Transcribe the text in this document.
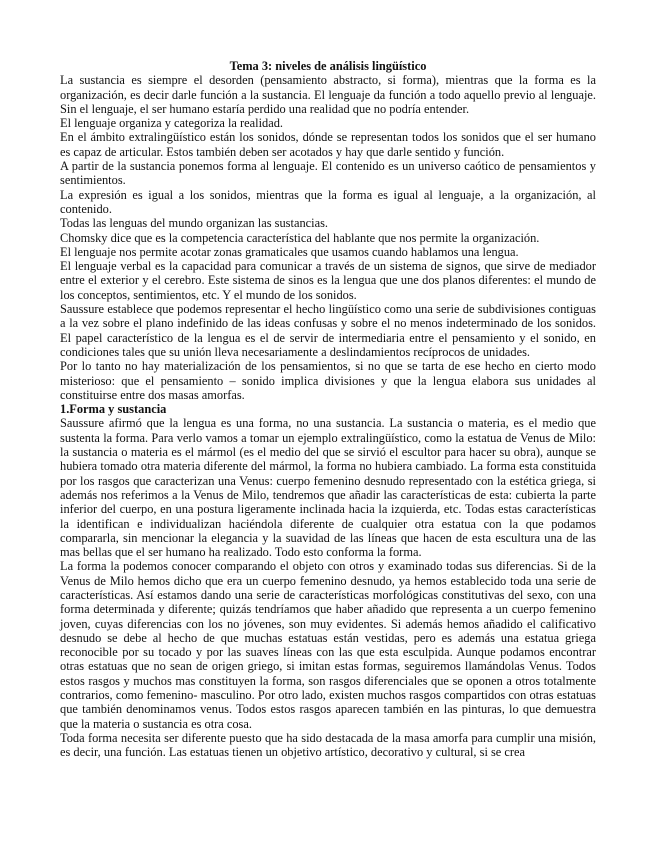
Tema 3: niveles de análisis lingüístico

La sustancia es siempre el desorden (pensamiento abstracto, si forma), mientras que la forma es la organización, es decir darle función a la sustancia. El lenguaje da función a todo aquello previo al lenguaje. Sin el lenguaje, el ser humano estaría perdido una realidad que no podría entender.

El lenguaje organiza y categoriza la realidad.

En el ámbito extralingüístico están los sonidos, dónde se representan todos los sonidos que el ser humano es capaz de articular. Estos también deben ser acotados y hay que darle sentido y función.

A partir de la sustancia ponemos forma al lenguaje. El contenido es un universo caótico de pensamientos y sentimientos.

La expresión es igual a los sonidos, mientras que la forma es igual al lenguaje, a la organización, al contenido.

Todas las lenguas del mundo organizan las sustancias.

Chomsky dice que es la competencia característica del hablante que nos permite la organización.

El lenguaje nos permite acotar zonas gramaticales que usamos cuando hablamos una lengua.

El lenguaje verbal es la capacidad para comunicar a través de un sistema de signos, que sirve de mediador entre el exterior y el cerebro. Este sistema de sinos es la lengua que une dos planos diferentes: el mundo de los conceptos, sentimientos, etc. Y el mundo de los sonidos.

Saussure establece que podemos representar el hecho lingüístico como una serie de subdivisiones contiguas a la vez sobre el plano indefinido de las ideas confusas y sobre el no menos indeterminado de los sonidos. El papel característico de la lengua es el de servir de intermediaria entre el pensamiento y el sonido, en condiciones tales que su unión lleva necesariamente a deslindamientos recíprocos de unidades.

Por lo tanto no hay materialización de los pensamientos, si no que se tarta de ese hecho en cierto modo misterioso: que el pensamiento – sonido implica divisiones y que la lengua elabora sus unidades al constituirse entre dos masas amorfas.

1.Forma y sustancia

Saussure afirmó que la lengua es una forma, no una sustancia. La sustancia o materia, es el medio que sustenta la forma. Para verlo vamos a tomar un ejemplo extralingüístico, como la estatua de Venus de Milo: la sustancia o materia es el mármol (es el medio del que se sirvió el escultor para hacer su obra), aunque se hubiera tomado otra materia diferente del mármol, la forma no hubiera cambiado. La forma esta constituida por los rasgos que caracterizan una Venus: cuerpo femenino desnudo representado con la estética griega, si además nos referimos a la Venus de Milo, tendremos que añadir las características de esta: cubierta la parte inferior del cuerpo, en una postura ligeramente inclinada hacia la izquierda, etc. Todas estas características la identifican e individualizan haciéndola diferente de cualquier otra estatua con la que podamos compararla, sin mencionar la elegancia y la suavidad de las líneas que hacen de esta escultura una de las mas bellas que el ser humano ha realizado. Todo esto conforma la forma.

La forma la podemos conocer comparando el objeto con otros y examinado todas sus diferencias. Si de la Venus de Milo hemos dicho que era un cuerpo femenino desnudo, ya hemos establecido toda una serie de características. Así estamos dando una serie de características morfológicas constitutivas del sexo, con una forma determinada y diferente; quizás tendríamos que haber añadido que representa a un cuerpo femenino joven, cuyas diferencias con los no jóvenes, son muy evidentes. Si además hemos añadido el calificativo desnudo se debe al hecho de que muchas estatuas están vestidas, pero es además una estatua griega reconocible por su tocado y por las suaves líneas con las que esta esculpida. Aunque podamos encontrar otras estatuas que no sean de origen griego, si imitan estas formas, seguiremos llamándolas Venus. Todos estos rasgos y muchos mas constituyen la forma, son rasgos diferenciales que se oponen a otros totalmente contrarios, como femenino- masculino. Por otro lado, existen muchos rasgos compartidos con otras estatuas que también denominamos venus. Todos estos rasgos aparecen también en las pinturas, lo que demuestra que la materia o sustancia es otra cosa.

Toda forma necesita ser diferente puesto que ha sido destacada de la masa amorfa para cumplir una misión, es decir, una función. Las estatuas tienen un objetivo artístico, decorativo y cultural, si se crea
